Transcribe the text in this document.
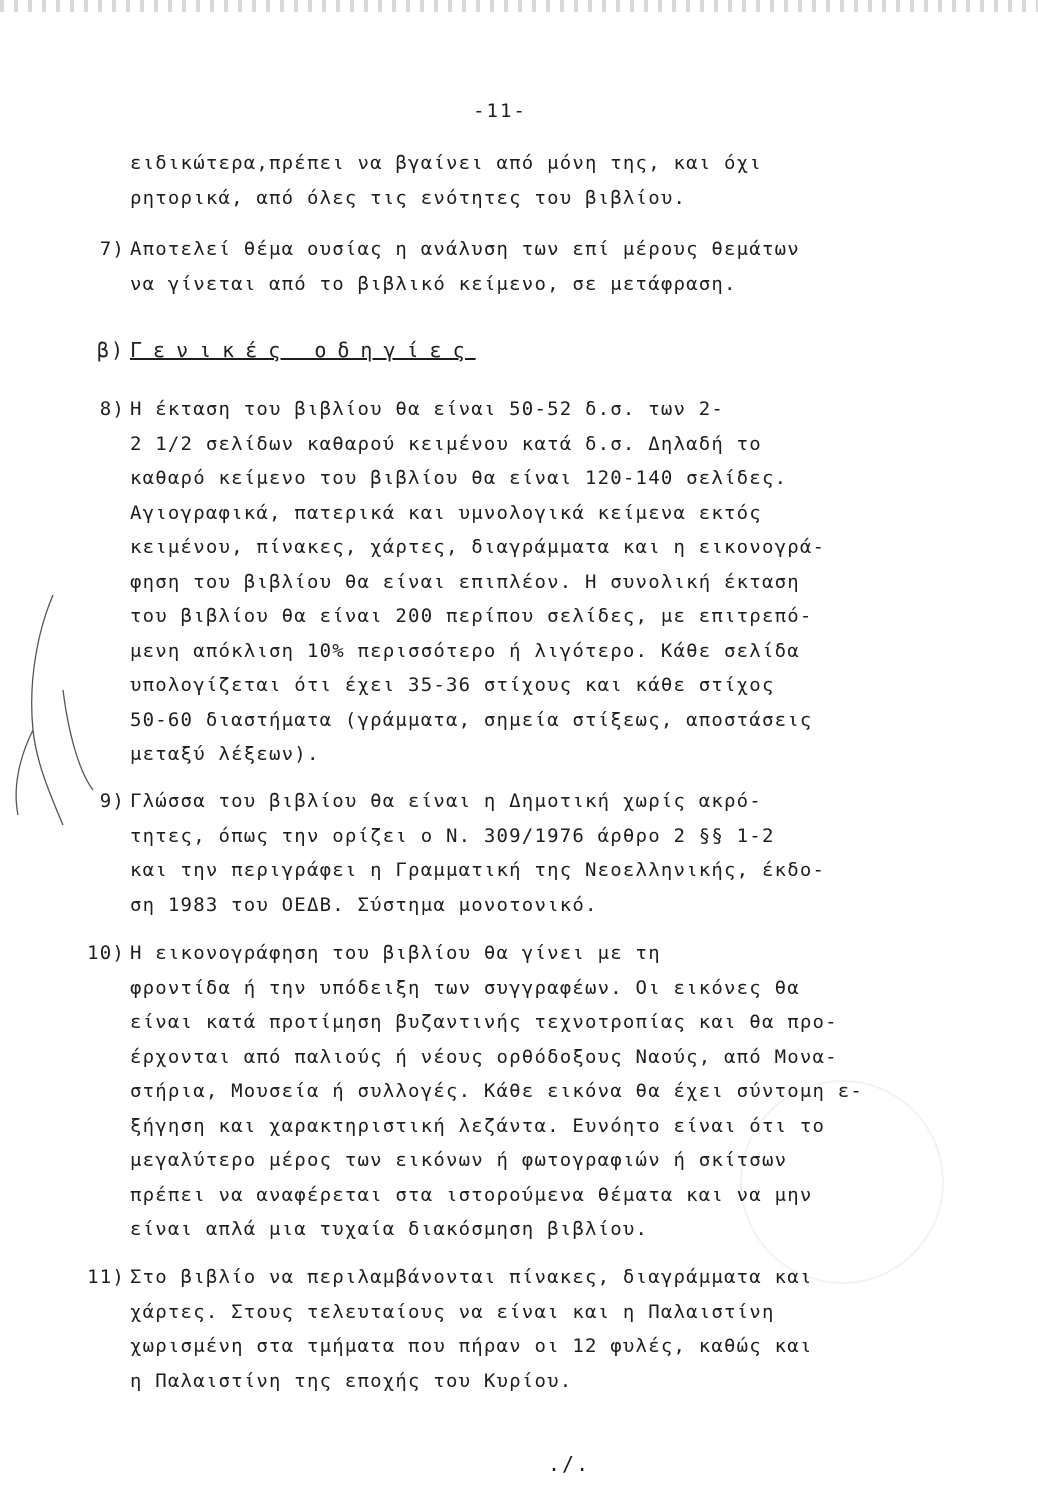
-11-
ειδικώτερα,πρέπει να βγαίνει από μόνη της, και όχι
ρητορικά, από όλες τις ενότητες του βιβλίου.
7) Αποτελεί θέμα ουσίας η ανάλυση των επί μέρους θεμάτων
να γίνεται από το βιβλικό κείμενο, σε μετάφραση.
β) Γενικές οδηγίες
8) Η έκταση του βιβλίου θα είναι 50-52 δ.σ. των 2-
2 1/2 σελίδων καθαρού κειμένου κατά δ.σ. Δηλαδή το
καθαρό κείμενο του βιβλίου θα είναι 120-140 σελίδες.
Αγιογραφικά, πατερικά και υμνολογικά κείμενα εκτός
κειμένου, πίνακες, χάρτες, διαγράμματα και η εικονογρά-
φηση του βιβλίου θα είναι επιπλέον. Η συνολική έκταση
του βιβλίου θα είναι 200 περίπου σελίδες, με επιτρεπό-
μενη απόκλιση 10% περισσότερο ή λιγότερο. Κάθε σελίδα
υπολογίζεται ότι έχει 35-36 στίχους και κάθε στίχος
50-60 διαστήματα (γράμματα, σημεία στίξεως, αποστάσεις
μεταξύ λέξεων).
9) Γλώσσα του βιβλίου θα είναι η Δημοτική χωρίς ακρό-
τητες, όπως την ορίζει ο Ν. 309/1976 άρθρο 2 §§ 1-2
και την περιγράφει η Γραμματική της Νεοελληνικής, έκδο-
ση 1983 του ΟΕΔΒ. Σύστημα μονοτονικό.
10) Η εικονογράφηση του βιβλίου θα γίνει με τη
φροντίδα ή την υπόδειξη των συγγραφέων. Οι εικόνες θα
είναι κατά προτίμηση βυζαντινής τεχνοτροπίας και θα προ-
έρχονται από παλιούς ή νέους ορθόδοξους Ναούς, από Μονα-
στήρια, Μουσεία ή συλλογές. Κάθε εικόνα θα έχει σύντομη ε-
ξήγηση και χαρακτηριστική λεζάντα. Ευνόητο είναι ότι το
μεγαλύτερο μέρος των εικόνων ή φωτογραφιών ή σκίτσων
πρέπει να αναφέρεται στα ιστορούμενα θέματα και να μην
είναι απλά μια τυχαία διακόσμηση βιβλίου.
11) Στο βιβλίο να περιλαμβάνονται πίνακες, διαγράμματα και
χάρτες. Στους τελευταίους να είναι και η Παλαιστίνη
χωρισμένη στα τμήματα που πήραν οι 12 φυλές, καθώς και
η Παλαιστίνη της εποχής του Κυρίου.
./.
